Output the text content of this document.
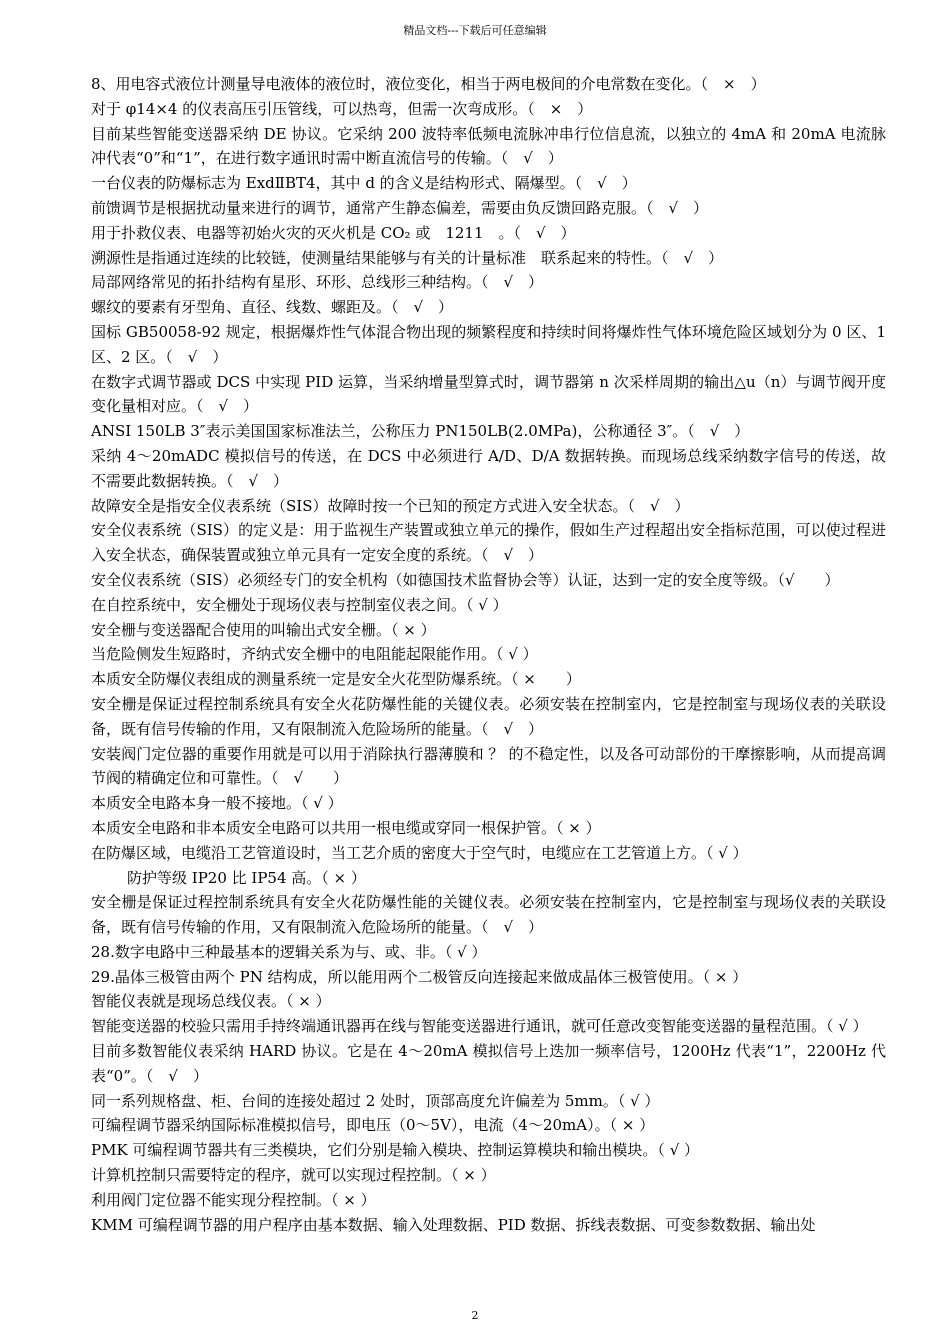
精品文档---下载后可任意编辑

8、用电容式液位计测量导电液体的液位时，液位变化，相当于两电极间的介电常数在变化。（　×　）

对于 φ14×4 的仪表高压引压管线，可以热弯，但需一次弯成形。（　×　）

目前某些智能变送器采纳 DE 协议。它采纳 200 波特率低频电流脉冲串行位信息流，以独立的 4mA 和 20mA 电流脉冲代表“0”和“1”，在进行数字通讯时需中断直流信号的传输。（　√　）

一台仪表的防爆标志为 ExdⅡBT4，其中 d 的含义是结构形式、隔爆型。（　√　）

前馈调节是根据扰动量来进行的调节，通常产生静态偏差，需要由负反馈回路克服。（　√　）

用于扑救仪表、电器等初始火灾的灭火机是 CO₂ 或　1211　。（　√　）

溯源性是指通过连续的比较链，使测量结果能够与有关的计量标准　联系起来的特性。（　√　）

局部网络常见的拓扑结构有星形、环形、总线形三种结构。（　√　）

螺纹的要素有牙型角、直径、线数、螺距及。（　√　）

国标 GB50058-92 规定，根据爆炸性气体混合物出现的频繁程度和持续时间将爆炸性气体环境危险区域划分为 0 区、1 区、2 区。（　√　）

在数字式调节器或 DCS 中实现 PID 运算，当采纳增量型算式时，调节器第 n 次采样周期的输出△u（n）与调节阀开度变化量相对应。（　√　）

ANSI 150LB 3″表示美国国家标准法兰，公称压力 PN150LB(2.0MPa)，公称通径 3″。（　√　）

采纳 4～20mADC 模拟信号的传送，在 DCS 中必须进行 A/D、D/A 数据转换。而现场总线采纳数字信号的传送，故不需要此数据转换。（　√　）

故障安全是指安全仪表系统（SIS）故障时按一个已知的预定方式进入安全状态。（　√　）

安全仪表系统（SIS）的定义是：用于监视生产装置或独立单元的操作，假如生产过程超出安全指标范围，可以使过程进入安全状态，确保装置或独立单元具有一定安全度的系统。（　√　）

安全仪表系统（SIS）必须经专门的安全机构（如德国技术监督协会等）认证，达到一定的安全度等级。（√　　）

在自控系统中，安全栅处于现场仪表与控制室仪表之间。（ √ ）

安全栅与变送器配合使用的叫输出式安全栅。（ × ）

当危险侧发生短路时，齐纳式安全栅中的电阻能起限能作用。（ √ ）

本质安全防爆仪表组成的测量系统一定是安全火花型防爆系统。（ ×　　）

安全栅是保证过程控制系统具有安全火花防爆性能的关键仪表。必须安装在控制室内，它是控制室与现场仪表的关联设备，既有信号传输的作用，又有限制流入危险场所的能量。（　√　）

安装阀门定位器的重要作用就是可以用于消除执行器薄膜和 ？ 的不稳定性，以及各可动部份的干摩擦影响，从而提高调节阀的精确定位和可靠性。（　√　　）

本质安全电路本身一般不接地。（ √ ）

本质安全电路和非本质安全电路可以共用一根电缆或穿同一根保护管。（ × ）

在防爆区域，电缆沿工艺管道设时，当工艺介质的密度大于空气时，电缆应在工艺管道上方。（ √ ）

防护等级 IP20 比 IP54 高。（ × ）

安全栅是保证过程控制系统具有安全火花防爆性能的关键仪表。必须安装在控制室内，它是控制室与现场仪表的关联设备，既有信号传输的作用，又有限制流入危险场所的能量。（　√　）

28.数字电路中三种最基本的逻辑关系为与、或、非。（ √ ）

29.晶体三极管由两个 PN 结构成，所以能用两个二极管反向连接起来做成晶体三极管使用。（ × ）

智能仪表就是现场总线仪表。（ × ）

智能变送器的校验只需用手持终端通讯器再在线与智能变送器进行通讯，就可任意改变智能变送器的量程范围。（ √ ）

目前多数智能仪表采纳 HARD 协议。它是在 4～20mA 模拟信号上迭加一频率信号，1200Hz 代表“1”，2200Hz 代表“0”。（　√　）

同一系列规格盘、柜、台间的连接处超过 2 处时，顶部高度允许偏差为 5mm。（ √ ）

可编程调节器采纳国际标准模拟信号，即电压（0～5V），电流（4～20mA）。（ × ）

PMK 可编程调节器共有三类模块，它们分别是输入模块、控制运算模块和输出模块。（ √ ）

计算机控制只需要特定的程序，就可以实现过程控制。（ × ）

利用阀门定位器不能实现分程控制。（ × ）

KMM 可编程调节器的用户程序由基本数据、输入处理数据、PID 数据、拆线表数据、可变参数数据、输出处

2
